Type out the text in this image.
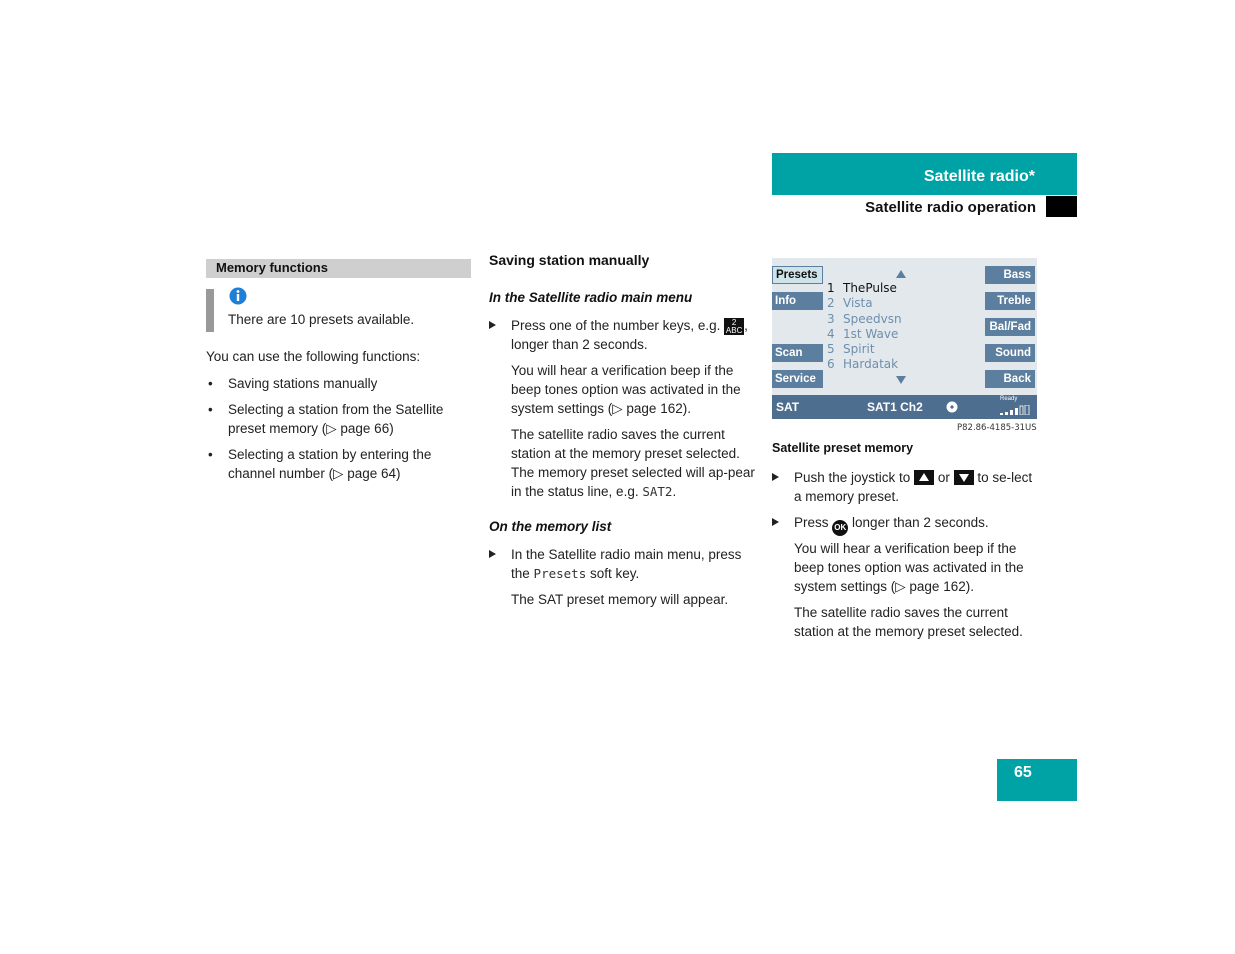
Satellite radio*
Satellite radio operation
Memory functions
There are 10 presets available.
You can use the following functions:
• Saving stations manually
• Selecting a station from the Satellite preset memory (▷ page 66)
• Selecting a station by entering the channel number (▷ page 64)
Saving station manually
In the Satellite radio main menu
Press one of the number keys, e.g. 2
ABC , longer than 2 seconds.
You will hear a verification beep if the beep tones option was activated in the system settings (▷ page 162).
The satellite radio saves the current station at the memory preset selected. The memory preset selected will ap-pear in the status line, e.g. SAT2.
On the memory list
In the Satellite radio main menu, press the Presets soft key.
The SAT preset memory will appear.
Presets
Info
Scan
Service
Bass
Treble
Bal/Fad
Sound
Back
1 ThePulse
2 Vista
3 Speedvsn
4 1st Wave
5 Spirit
6 Hardatak
SAT	SAT1 Ch2
Ready
P82.86-4185-31US
Satellite preset memory
Push the joystick to or to se-lect a memory preset.
Press OK longer than 2 seconds.
You will hear a verification beep if the beep tones option was activated in the system settings (▷ page 162).
The satellite radio saves the current station at the memory preset selected.
65
